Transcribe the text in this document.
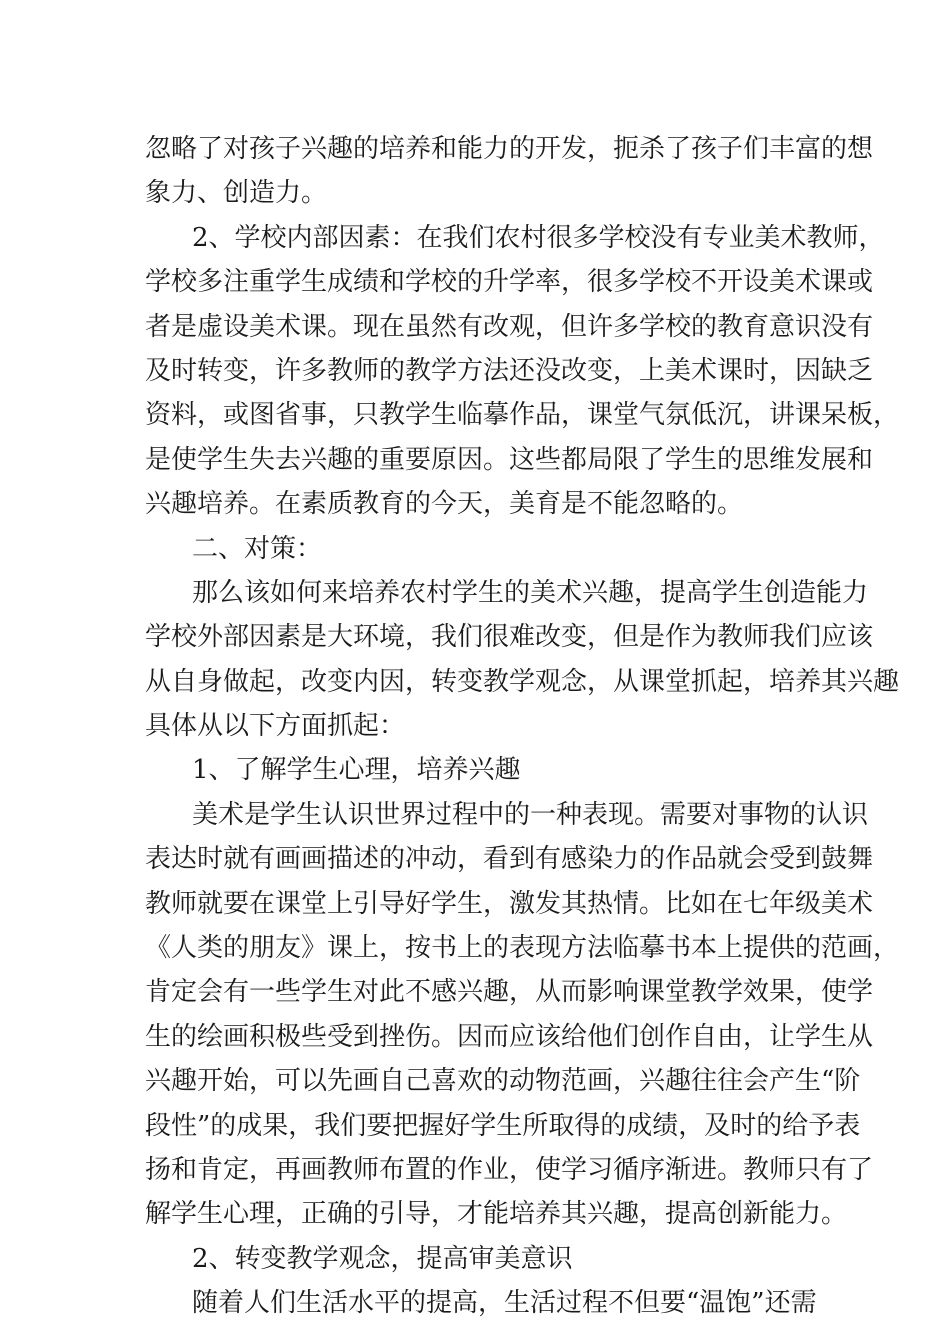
忽略了对孩子兴趣的培养和能力的开发，扼杀了孩子们丰富的想
象力、创造力。
2、学校内部因素：在我们农村很多学校没有专业美术教师，
学校多注重学生成绩和学校的升学率，很多学校不开设美术课或
者是虚设美术课。现在虽然有改观，但许多学校的教育意识没有
及时转变，许多教师的教学方法还没改变，上美术课时，因缺乏
资料，或图省事，只教学生临摹作品，课堂气氛低沉，讲课呆板，
是使学生失去兴趣的重要原因。这些都局限了学生的思维发展和
兴趣培养。在素质教育的今天，美育是不能忽略的。
二、对策：
那么该如何来培养农村学生的美术兴趣，提高学生创造能力
学校外部因素是大环境，我们很难改变，但是作为教师我们应该
从自身做起，改变内因，转变教学观念，从课堂抓起，培养其兴趣
具体从以下方面抓起：
1、了解学生心理，培养兴趣
美术是学生认识世界过程中的一种表现。需要对事物的认识
表达时就有画画描述的冲动，看到有感染力的作品就会受到鼓舞
教师就要在课堂上引导好学生，激发其热情。比如在七年级美术
《人类的朋友》课上，按书上的表现方法临摹书本上提供的范画，
肯定会有一些学生对此不感兴趣，从而影响课堂教学效果，使学
生的绘画积极些受到挫伤。因而应该给他们创作自由，让学生从
兴趣开始，可以先画自己喜欢的动物范画，兴趣往往会产生“阶
段性”的成果，我们要把握好学生所取得的成绩，及时的给予表
扬和肯定，再画教师布置的作业，使学习循序渐进。教师只有了
解学生心理，正确的引导，才能培养其兴趣，提高创新能力。
2、转变教学观念，提高审美意识
随着人们生活水平的提高，生活过程不但要“温饱”还需
